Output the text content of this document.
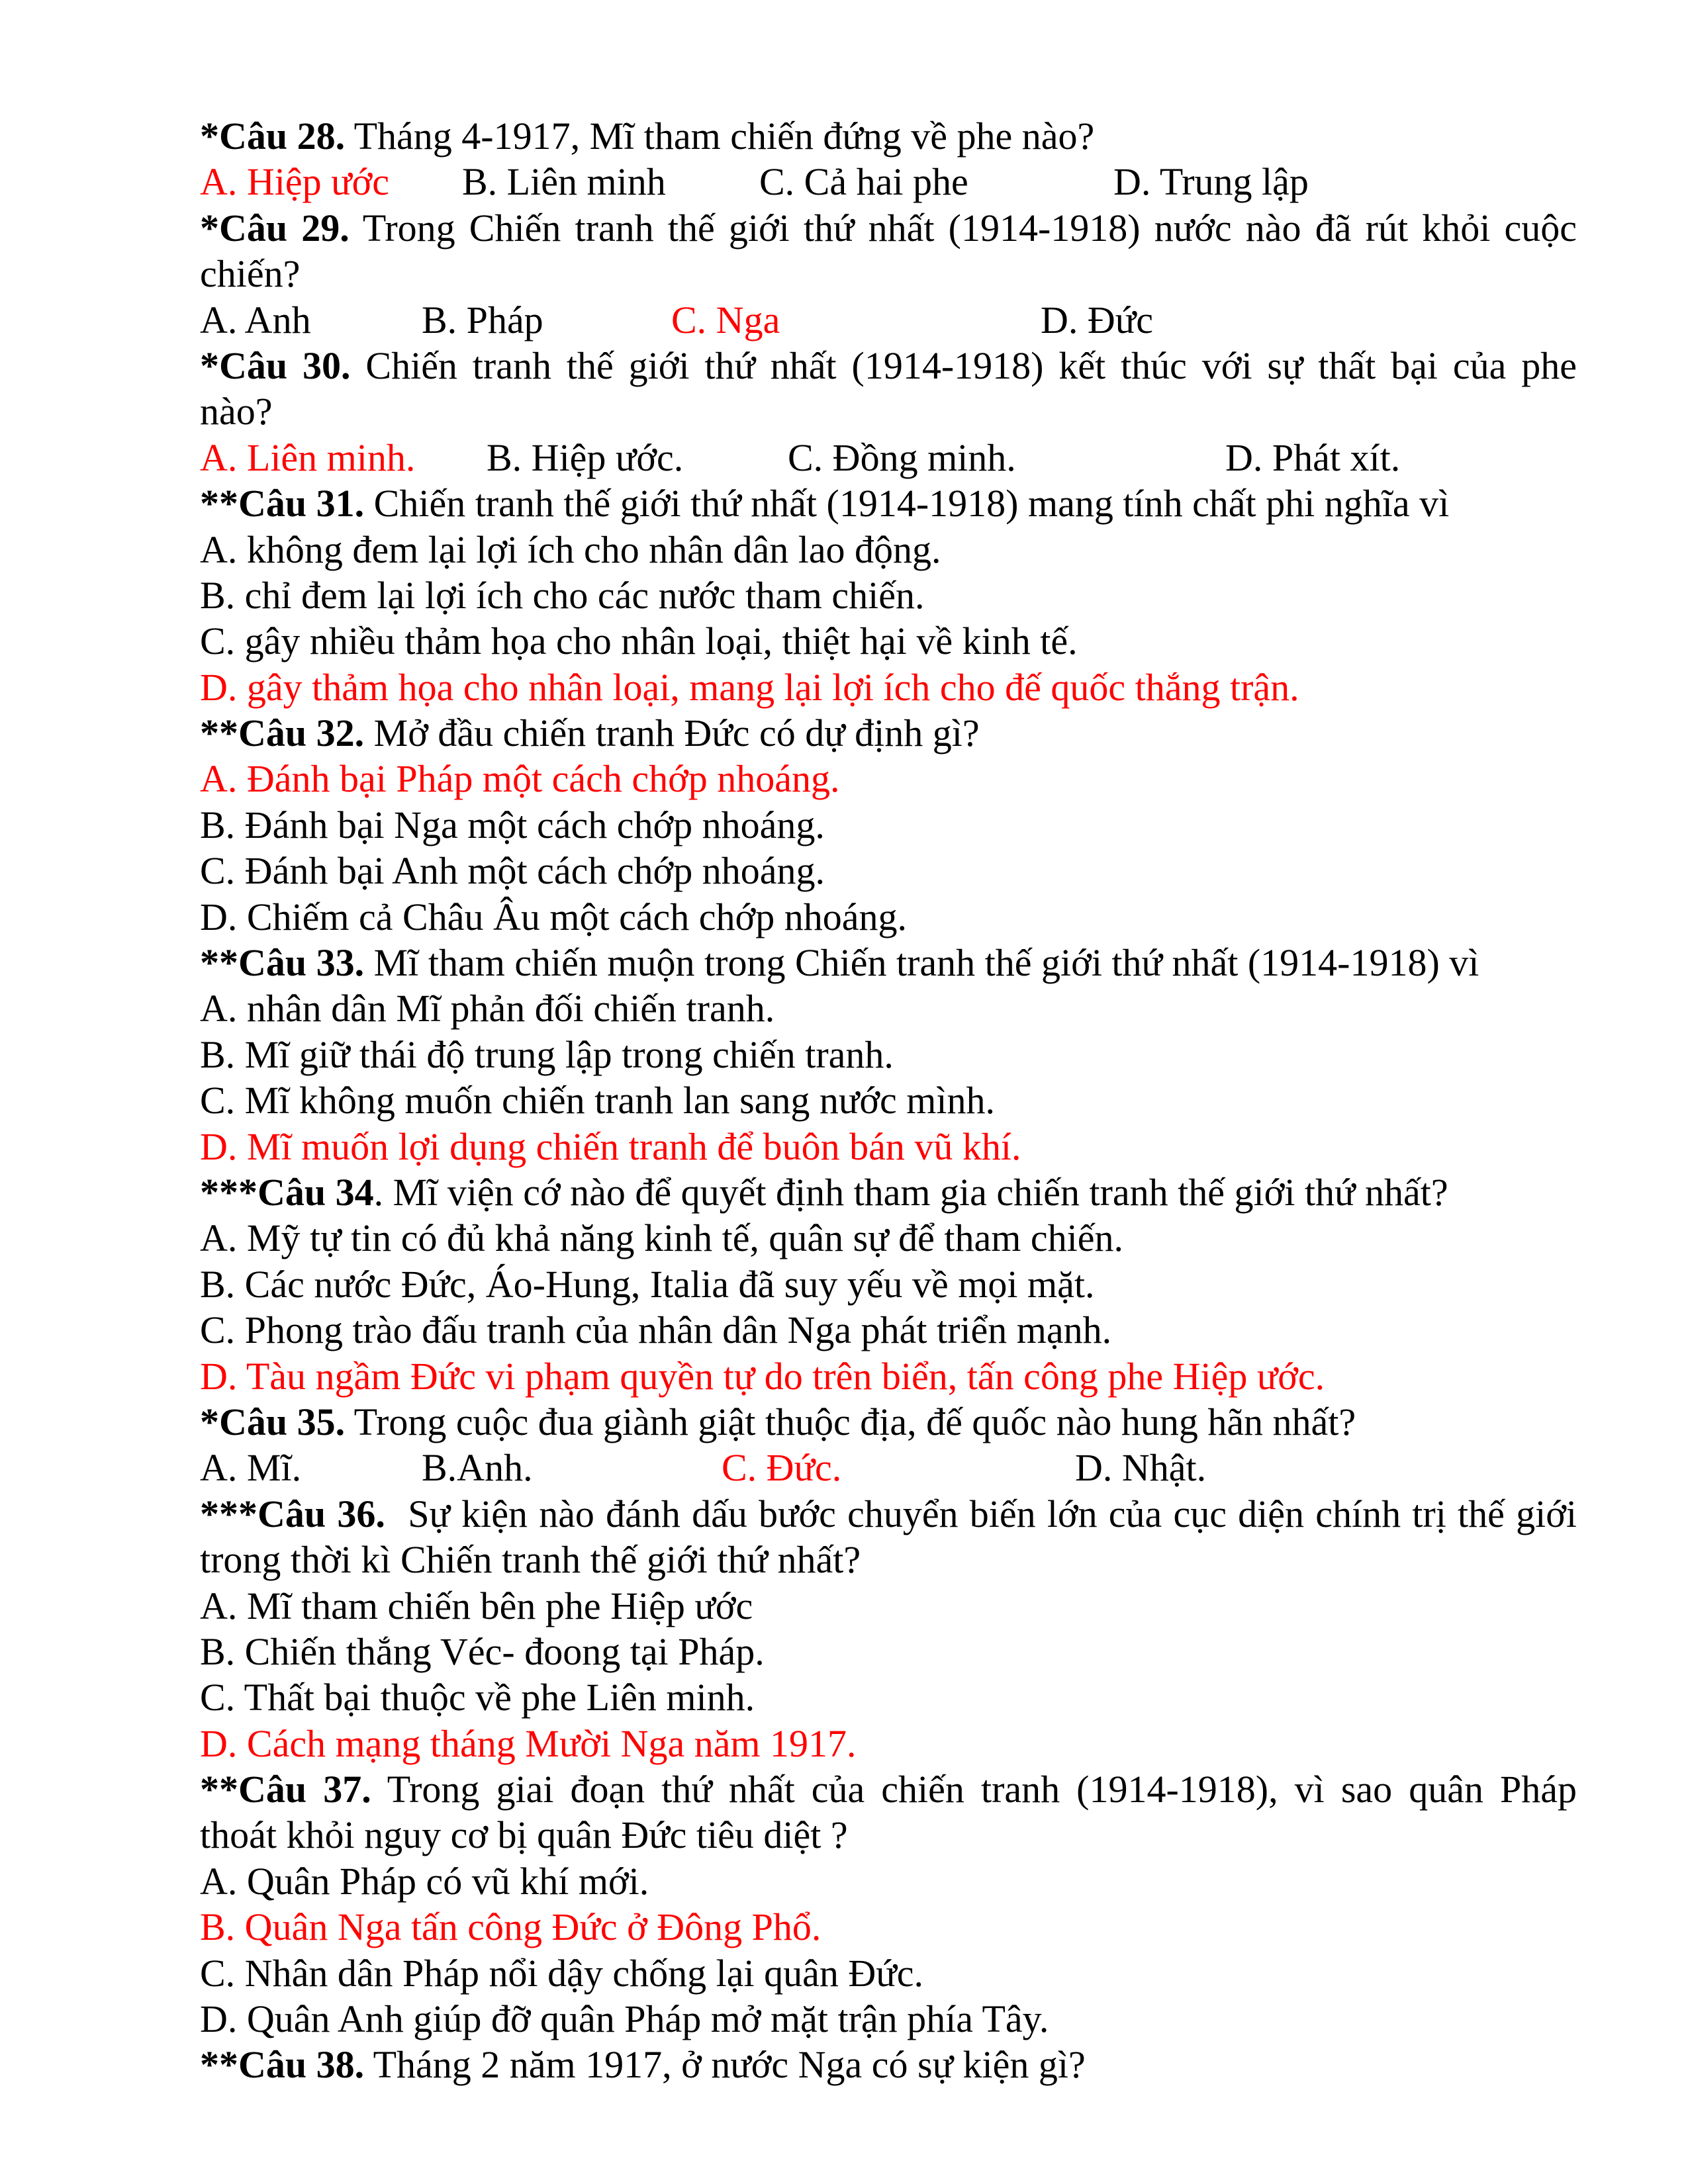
*Câu 28. Tháng 4-1917, Mĩ tham chiến đứng về phe nào?
A. Hiệp ước B. Liên minh C. Cả hai phe	D. Trung lập
*Câu 29. Trong Chiến tranh thế giới thứ nhất (1914-1918) nước nào đã rút khỏi cuộc
chiến?
A. Anh	B. Pháp	C. Nga	D. Đức
*Câu 30. Chiến tranh thế giới thứ nhất (1914-1918) kết thúc với sự thất bại của phe
nào?
A. Liên minh. B. Hiệp ước.	C. Đồng minh.	D. Phát xít.
**Câu 31. Chiến tranh thế giới thứ nhất (1914-1918) mang tính chất phi nghĩa vì
A. không đem lại lợi ích cho nhân dân lao động.
B. chỉ đem lại lợi ích cho các nước tham chiến.
C. gây nhiều thảm họa cho nhân loại, thiệt hại về kinh tế.
D. gây thảm họa cho nhân loại, mang lại lợi ích cho đế quốc thắng trận.
**Câu 32. Mở đầu chiến tranh Đức có dự định gì?
A. Đánh bại Pháp một cách chớp nhoáng.
B. Đánh bại Nga một cách chớp nhoáng.
C. Đánh bại Anh một cách chớp nhoáng.
D. Chiếm cả Châu Âu một cách chớp nhoáng.
**Câu 33. Mĩ tham chiến muộn trong Chiến tranh thế giới thứ nhất (1914-1918) vì
A. nhân dân Mĩ phản đối chiến tranh.
B. Mĩ giữ thái độ trung lập trong chiến tranh.
C. Mĩ không muốn chiến tranh lan sang nước mình.
D. Mĩ muốn lợi dụng chiến tranh để buôn bán vũ khí.
***Câu 34. Mĩ viện cớ nào để quyết định tham gia chiến tranh thế giới thứ nhất?
A. Mỹ tự tin có đủ khả năng kinh tế, quân sự để tham chiến.
B. Các nước Đức, Áo-Hung, Italia đã suy yếu về mọi mặt.
C. Phong trào đấu tranh của nhân dân Nga phát triển mạnh.
D. Tàu ngầm Đức vi phạm quyền tự do trên biển, tấn công phe Hiệp ước.
*Câu 35. Trong cuộc đua giành giật thuộc địa, đế quốc nào hung hãn nhất?
A. Mĩ.	B.Anh.	C. Đức.	D. Nhật.
***Câu 36.  Sự kiện nào đánh dấu bước chuyển biến lớn của cục diện chính trị thế giới
trong thời kì Chiến tranh thế giới thứ nhất?
A. Mĩ tham chiến bên phe Hiệp ước
B. Chiến thắng Véc- đoong tại Pháp.
C. Thất bại thuộc về phe Liên minh.
D. Cách mạng tháng Mười Nga năm 1917.
**Câu 37. Trong giai đoạn thứ nhất của chiến tranh (1914-1918), vì sao quân Pháp
thoát khỏi nguy cơ bị quân Đức tiêu diệt ?
A. Quân Pháp có vũ khí mới.
B. Quân Nga tấn công Đức ở Đông Phổ.
C. Nhân dân Pháp nổi dậy chống lại quân Đức.
D. Quân Anh giúp đỡ quân Pháp mở mặt trận phía Tây.
**Câu 38. Tháng 2 năm 1917, ở nước Nga có sự kiện gì?
